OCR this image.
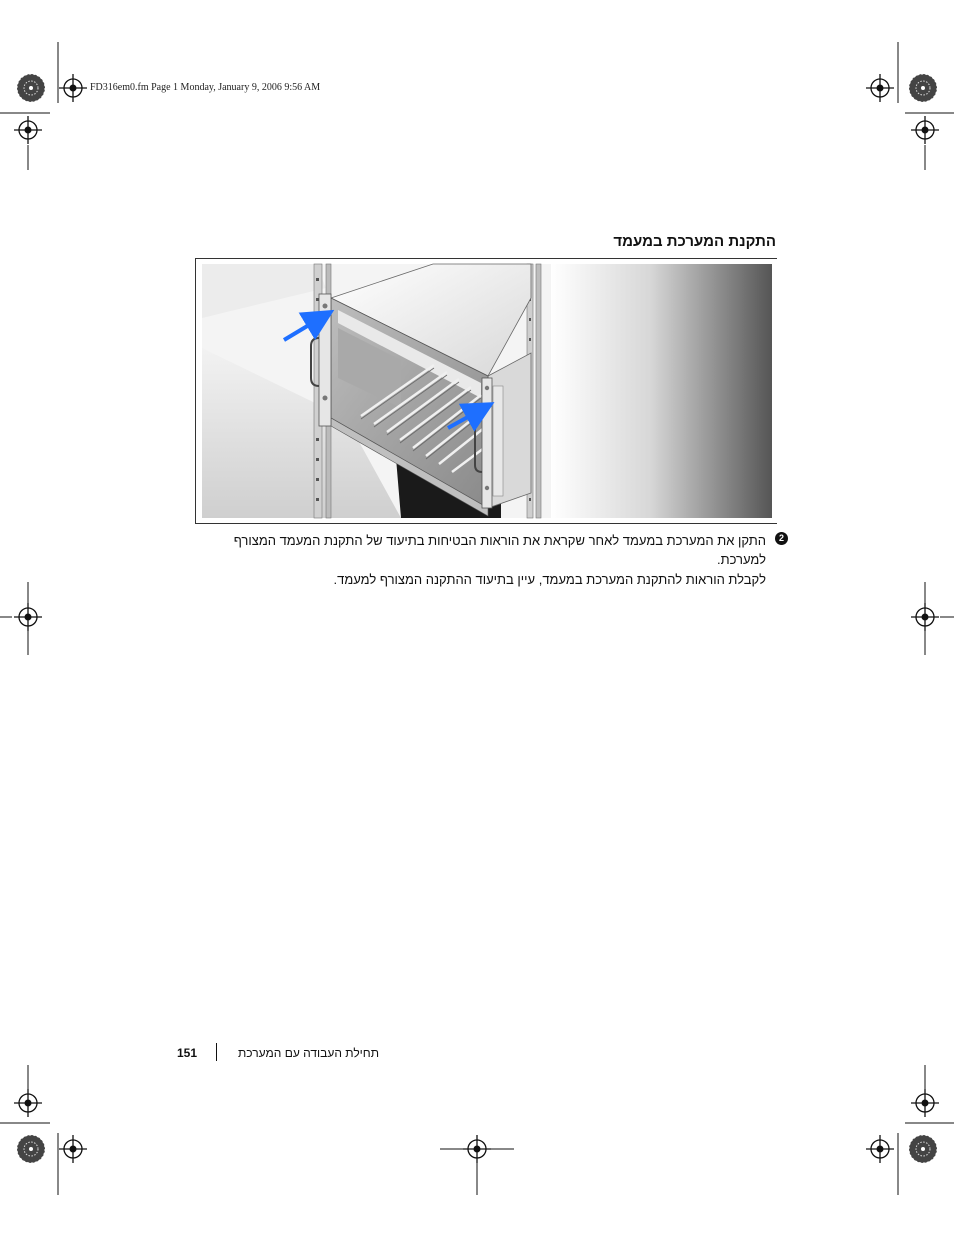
FD316em0.fm Page 1 Monday, January 9, 2006 9:56 AM
התקנת המערכת במעמד
2
התקן את המערכת במעמד לאחר שקראת את הוראות הבטיחות בתיעוד של התקנת המעמד המצורף למערכת.
לקבלת הוראות להתקנת המערכת במעמד, עיין בתיעוד ההתקנה המצורף למעמד.
151	תחילת העבודה עם המערכת
